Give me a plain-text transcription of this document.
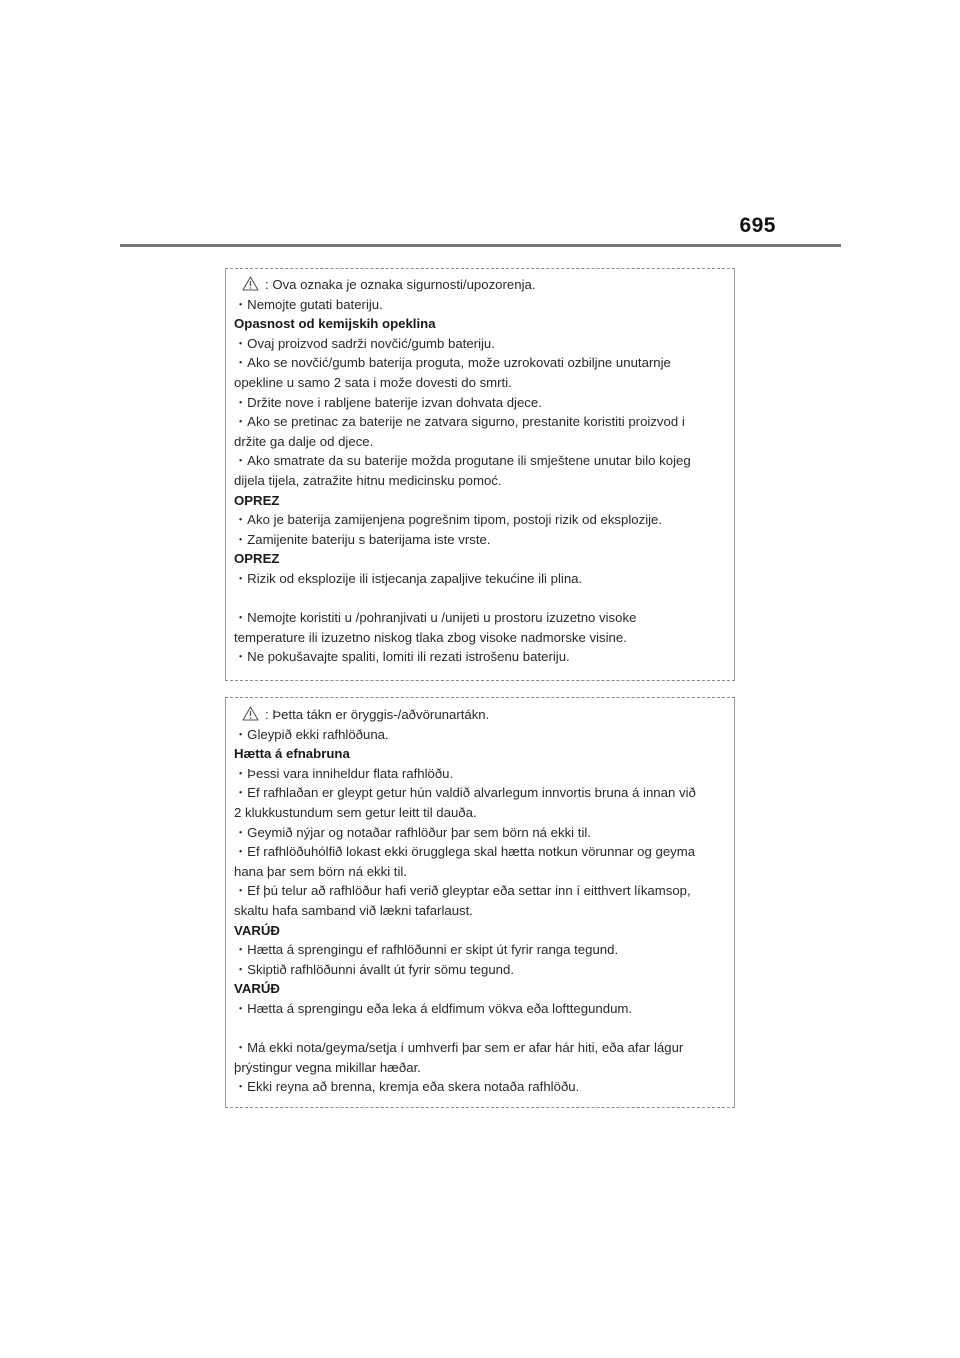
695
: Ova oznaka je oznaka sigurnosti/upozorenja.
・Nemojte gutati bateriju.
Opasnost od kemijskih opeklina
・Ovaj proizvod sadrži novčić/gumb bateriju.
・Ako se novčić/gumb baterija proguta, može uzrokovati ozbiljne unutarnje
opekline u samo 2 sata i može dovesti do smrti.
・Držite nove i rabljene baterije izvan dohvata djece.
・Ako se pretinac za baterije ne zatvara sigurno, prestanite koristiti proizvod i
držite ga dalje od djece.
・Ako smatrate da su baterije možda progutane ili smještene unutar bilo kojeg
dijela tijela, zatražite hitnu medicinsku pomoć.
OPREZ
・Ako je baterija zamijenjena pogrešnim tipom, postoji rizik od eksplozije.
・Zamijenite bateriju s baterijama iste vrste.
OPREZ
・Rizik od eksplozije ili istjecanja zapaljive tekućine ili plina.
・Nemojte koristiti u /pohranjivati u /unijeti u prostoru izuzetno visoke
temperature ili izuzetno niskog tlaka zbog visoke nadmorske visine.
・Ne pokušavajte spaliti, lomiti ili rezati istrošenu bateriju.
: Þetta tákn er öryggis-/aðvörunartákn.
・Gleypið ekki rafhlöðuna.
Hætta á efnabruna
・Þessi vara inniheldur flata rafhlöðu.
・Ef rafhlaðan er gleypt getur hún valdið alvarlegum innvortis bruna á innan við
2 klukkustundum sem getur leitt til dauða.
・Geymið nýjar og notaðar rafhlöður þar sem börn ná ekki til.
・Ef rafhlöðuhólfið lokast ekki örugglega skal hætta notkun vörunnar og geyma
hana þar sem börn ná ekki til.
・Ef þú telur að rafhlöður hafi verið gleyptar eða settar inn í eitthvert líkamsop,
skaltu hafa samband við lækni tafarlaust.
VARÚÐ
・Hætta á sprengingu ef rafhlöðunni er skipt út fyrir ranga tegund.
・Skiptið rafhlöðunni ávallt út fyrir sömu tegund.
VARÚÐ
・Hætta á sprengingu eða leka á eldfimum vökva eða lofttegundum.
・Má ekki nota/geyma/setja í umhverfi þar sem er afar hár hiti, eða afar lágur
þrýstingur vegna mikillar hæðar.
・Ekki reyna að brenna, kremja eða skera notaða rafhlöðu.
